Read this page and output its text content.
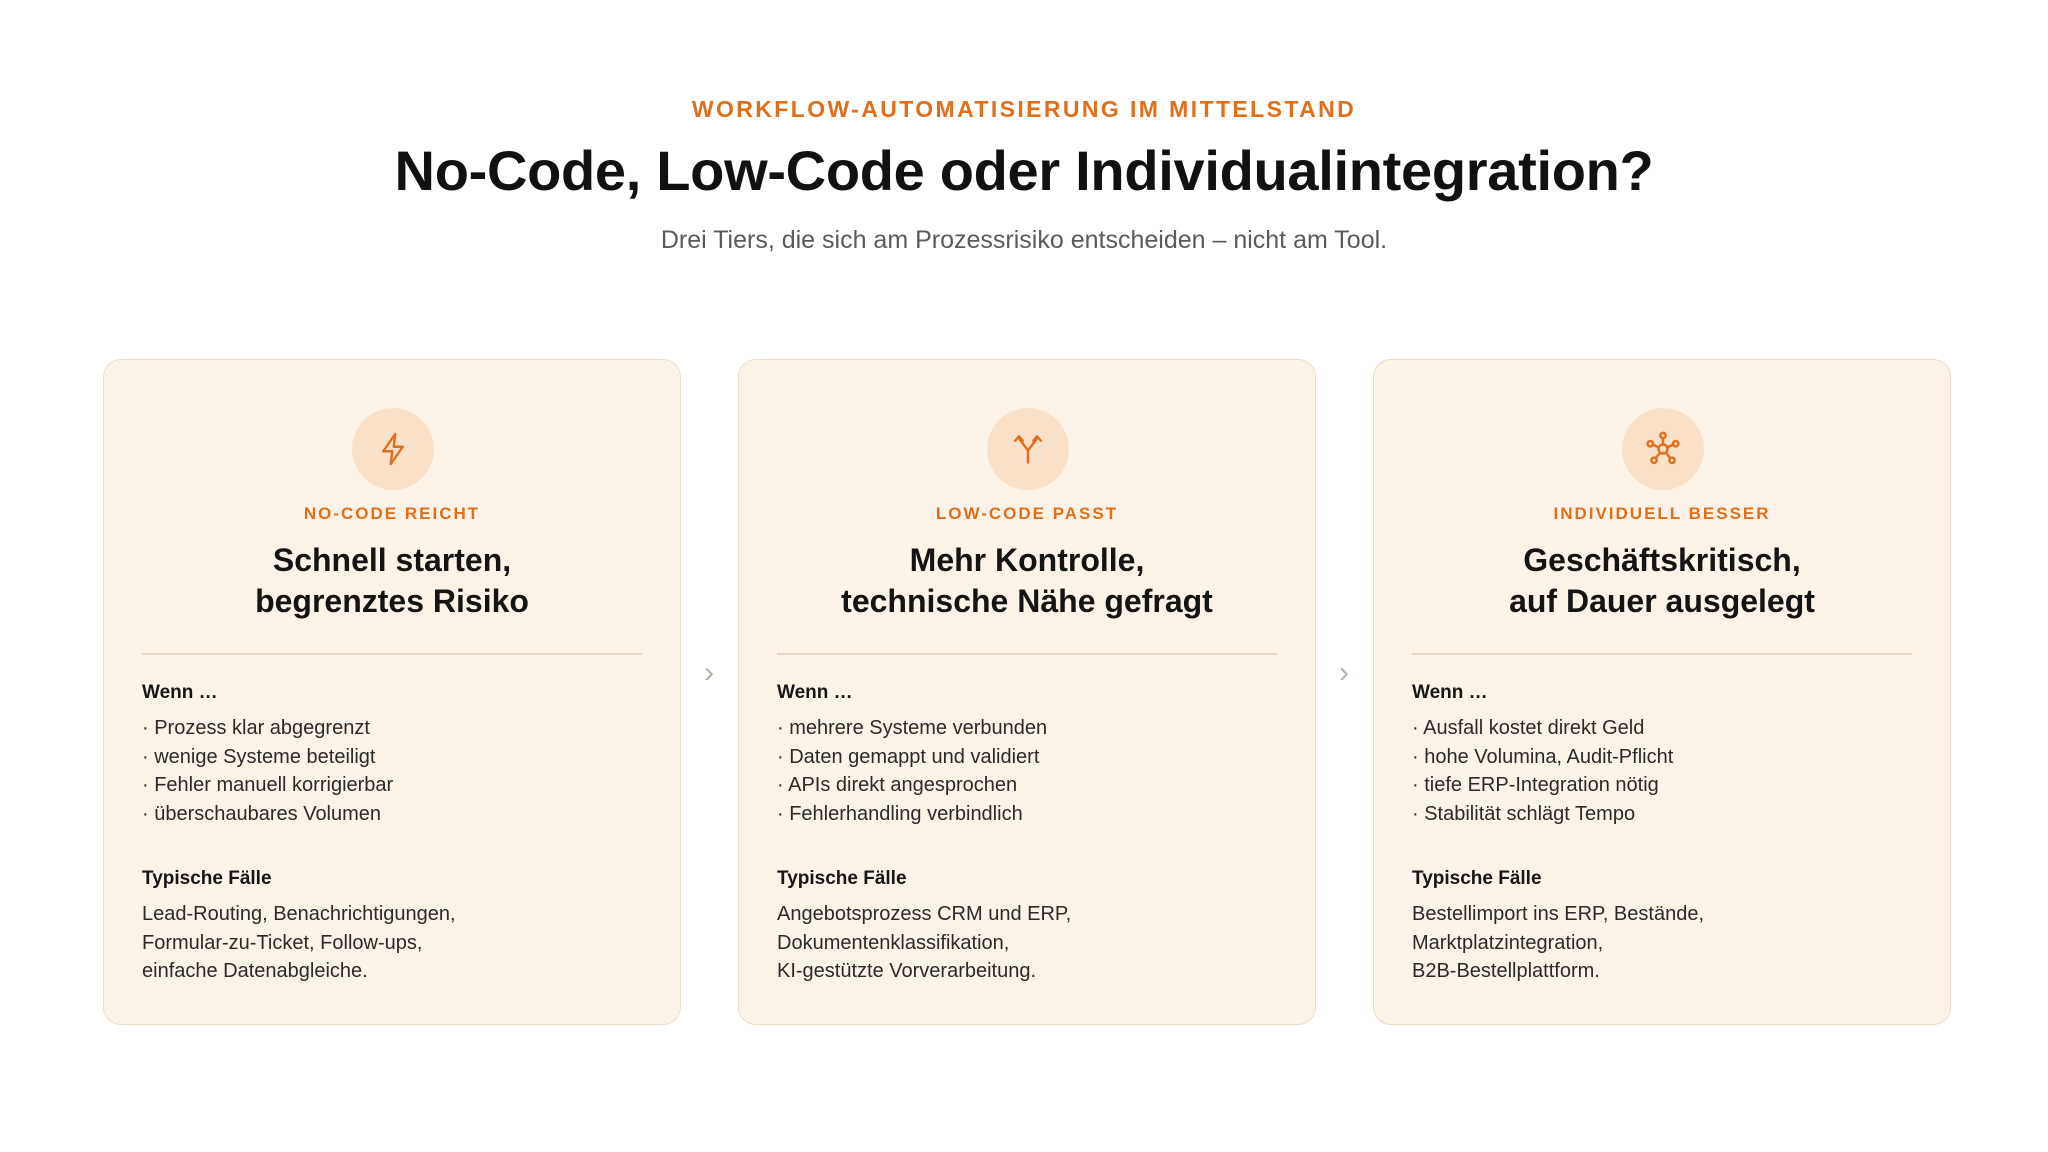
WORKFLOW-AUTOMATISIERUNG IM MITTELSTAND
No-Code, Low-Code oder Individualintegration?
Drei Tiers, die sich am Prozessrisiko entscheiden – nicht am Tool.
NO-CODE REICHT
Schnell starten,
begrenztes Risiko
Wenn …
· Prozess klar abgegrenzt
· wenige Systeme beteiligt
· Fehler manuell korrigierbar
· überschaubares Volumen
Typische Fälle
Lead-Routing, Benachrichtigungen,
Formular-zu-Ticket, Follow-ups,
einfache Datenabgleiche.
›
LOW-CODE PASST
Mehr Kontrolle,
technische Nähe gefragt
Wenn …
· mehrere Systeme verbunden
· Daten gemappt und validiert
· APIs direkt angesprochen
· Fehlerhandling verbindlich
Typische Fälle
Angebotsprozess CRM und ERP,
Dokumentenklassifikation,
KI-gestützte Vorverarbeitung.
›
INDIVIDUELL BESSER
Geschäftskritisch,
auf Dauer ausgelegt
Wenn …
· Ausfall kostet direkt Geld
· hohe Volumina, Audit-Pflicht
· tiefe ERP-Integration nötig
· Stabilität schlägt Tempo
Typische Fälle
Bestellimport ins ERP, Bestände,
Marktplatzintegration,
B2B-Bestellplattform.
